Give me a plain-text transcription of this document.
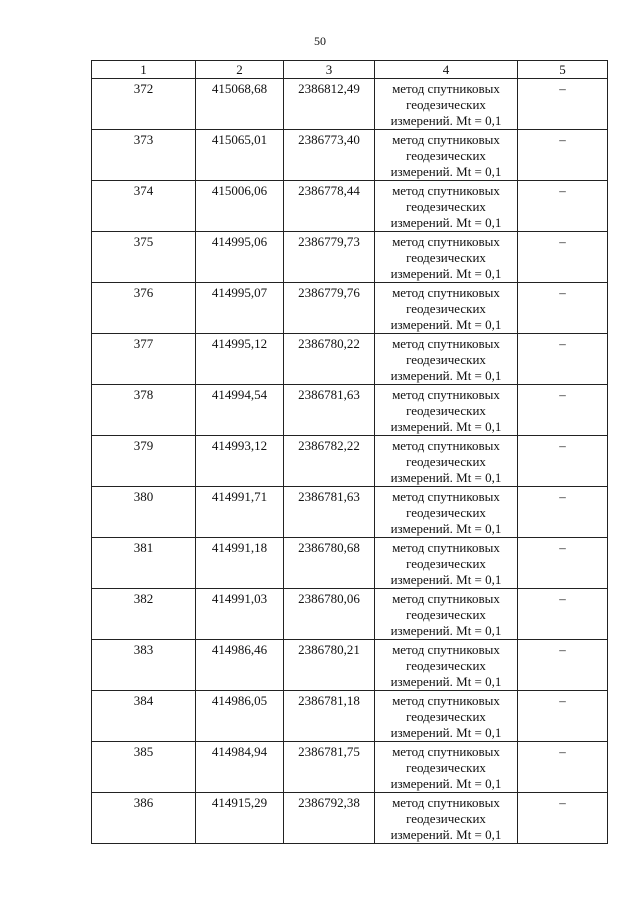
50
1	2	3	4	5
372	415068,68	2386812,49	метод спутниковых
геодезических
измерений. Mt = 0,1	–
373	415065,01	2386773,40	метод спутниковых
геодезических
измерений. Mt = 0,1	–
374	415006,06	2386778,44	метод спутниковых
геодезических
измерений. Mt = 0,1	–
375	414995,06	2386779,73	метод спутниковых
геодезических
измерений. Mt = 0,1	–
376	414995,07	2386779,76	метод спутниковых
геодезических
измерений. Mt = 0,1	–
377	414995,12	2386780,22	метод спутниковых
геодезических
измерений. Mt = 0,1	–
378	414994,54	2386781,63	метод спутниковых
геодезических
измерений. Mt = 0,1	–
379	414993,12	2386782,22	метод спутниковых
геодезических
измерений. Mt = 0,1	–
380	414991,71	2386781,63	метод спутниковых
геодезических
измерений. Mt = 0,1	–
381	414991,18	2386780,68	метод спутниковых
геодезических
измерений. Mt = 0,1	–
382	414991,03	2386780,06	метод спутниковых
геодезических
измерений. Mt = 0,1	–
383	414986,46	2386780,21	метод спутниковых
геодезических
измерений. Mt = 0,1	–
384	414986,05	2386781,18	метод спутниковых
геодезических
измерений. Mt = 0,1	–
385	414984,94	2386781,75	метод спутниковых
геодезических
измерений. Mt = 0,1	–
386	414915,29	2386792,38	метод спутниковых
геодезических
измерений. Mt = 0,1	–
